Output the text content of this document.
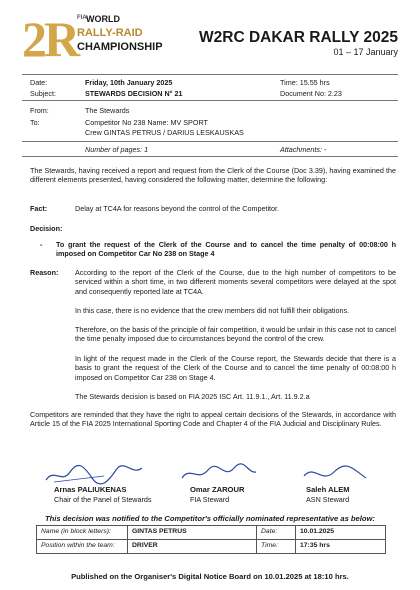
2R FIA WORLD
RALLY-RAID
CHAMPIONSHIP
W2RC DAKAR RALLY 2025
01 – 17 January
Date:	Friday, 10th January 2025	Time: 15.55 hrs
Subject:	STEWARDS DECISION N° 21	Document No: 2.23
From:	The Stewards
To:	Competitor No 238 Name: MV SPORT
Crew GINTAS PETRUS / DARIUS LESKAUSKAS
Number of pages: 1	Attachments: -
The Stewards, having received a report and request from the Clerk of the Course (Doc 3.39), having examined the different elements presented, having considered the following matter, determine the following:
Fact:	Delay at TC4A for reasons beyond the control of the Competitor.
Decision:
-	To grant the request of the Clerk of the Course and to cancel the time penalty of 00:08:00 h imposed on Competitor Car No 238 on Stage 4
Reason:	According to the report of the Clerk of the Course, due to the high number of competitors to be serviced within a short time, in two different moments several competitors were delayed at the spot and consequently reported late at TC4A.
In this case, there is no evidence that the crew members did not fulfill their obligations.
Therefore, on the basis of the principle of fair competition, it would be unfair in this case not to cancel the time penalty imposed due to circumstances beyond the control of the crew.
In light of the request made in the Clerk of the Course report, the Stewards decide that there is a basis to grant the request of the Clerk of the Course and to cancel the time penalty of 00:08:00 h imposed on Competitor Car 238 on Stage 4.
The Stewards decision is based on FIA 2025 ISC Art. 11.9.1., Art. 11.9.2.a
Competitors are reminded that they have the right to appeal certain decisions of the Stewards, in accordance with Article 15 of the FIA 2025 International Sporting Code and Chapter 4 of the FIA Judicial and Disciplinary Rules.
Arnas PALIUKENAS
Chair of the Panel of Stewards
Omar ZAROUR
FIA Steward
Saleh ALEM
ASN Steward
This decision was notified to the Competitor's officially nominated representative as below:
Name (in block letters):	GINTAS PETRUS	Date:	10.01.2025
Position within the team:	DRIVER	Time:	17:35 hrs
Published on the Organiser's Digital Notice Board on 10.01.2025 at 18:10 hrs.
